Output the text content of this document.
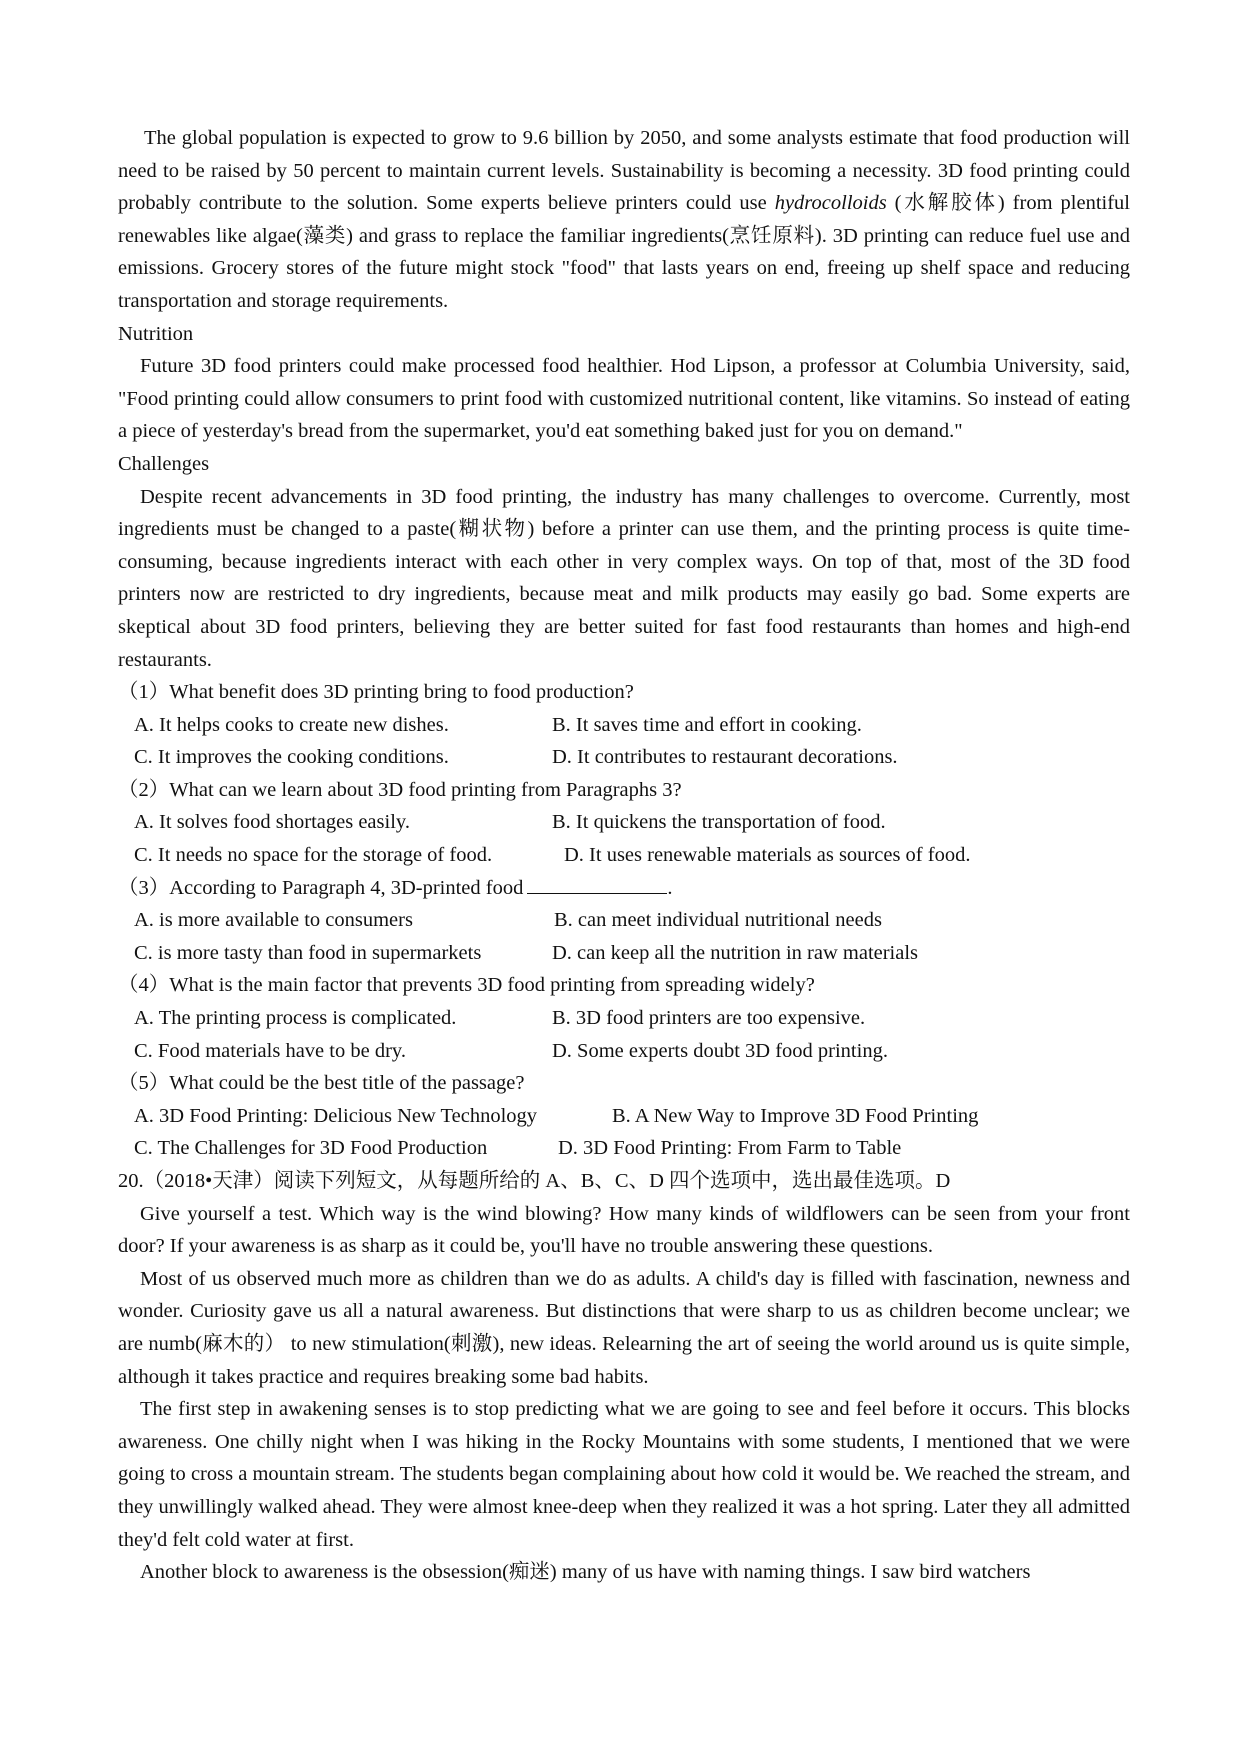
The global population is expected to grow to 9.6 billion by 2050, and some analysts estimate that food production will need to be raised by 50 percent to maintain current levels. Sustainability is becoming a necessity. 3D food printing could probably contribute to the solution. Some experts believe printers could use hydrocolloids (水解胶体) from plentiful renewables like algae(藻类) and grass to replace the familiar ingredients(烹饪原料). 3D printing can reduce fuel use and emissions. Grocery stores of the future might stock "food" that lasts years on end, freeing up shelf space and reducing transportation and storage requirements.

Nutrition

Future 3D food printers could make processed food healthier. Hod Lipson, a professor at Columbia University, said, "Food printing could allow consumers to print food with customized nutritional content, like vitamins. So instead of eating a piece of yesterday's bread from the supermarket, you'd eat something baked just for you on demand."

Challenges

Despite recent advancements in 3D food printing, the industry has many challenges to overcome. Currently, most ingredients must be changed to a paste(糊状物) before a printer can use them, and the printing process is quite time-consuming, because ingredients interact with each other in very complex ways. On top of that, most of the 3D food printers now are restricted to dry ingredients, because meat and milk products may easily go bad. Some experts are skeptical about 3D food printers, believing they are better suited for fast food restaurants than homes and high-end restaurants.

（1）What benefit does 3D printing bring to food production?

A. It helps cooks to create new dishes.	B. It saves time and effort in cooking.
C. It improves the cooking conditions.	D. It contributes to restaurant decorations.

（2）What can we learn about 3D food printing from Paragraphs 3?

A. It solves food shortages easily.	B. It quickens the transportation of food.
C. It needs no space for the storage of food.	D. It uses renewable materials as sources of food.

（3）According to Paragraph 4, 3D-printed food	.

A. is more available to consumers	B. can meet individual nutritional needs
C. is more tasty than food in supermarkets	D. can keep all the nutrition in raw materials

（4）What is the main factor that prevents 3D food printing from spreading widely?

A. The printing process is complicated.	B. 3D food printers are too expensive.
C. Food materials have to be dry.	D. Some experts doubt 3D food printing.

（5）What could be the best title of the passage?

A. 3D Food Printing: Delicious New Technology	B. A New Way to Improve 3D Food Printing
C. The Challenges for 3D Food Production	D. 3D Food Printing: From Farm to Table

20.（2018•天津）阅读下列短文，从每题所给的 A、B、C、D 四个选项中，选出最佳选项。D

Give yourself a test. Which way is the wind blowing? How many kinds of wildflowers can be seen from your front door? If your awareness is as sharp as it could be, you'll have no trouble answering these questions.

Most of us observed much more as children than we do as adults. A child's day is filled with fascination, newness and wonder. Curiosity gave us all a natural awareness. But distinctions that were sharp to us as children become unclear; we are numb(麻木的） to new stimulation(刺激), new ideas. Relearning the art of seeing the world around us is quite simple, although it takes practice and requires breaking some bad habits.

The first step in awakening senses is to stop predicting what we are going to see and feel before it occurs. This blocks awareness. One chilly night when I was hiking in the Rocky Mountains with some students, I mentioned that we were going to cross a mountain stream. The students began complaining about how cold it would be. We reached the stream, and they unwillingly walked ahead. They were almost knee-deep when they realized it was a hot spring. Later they all admitted they'd felt cold water at first.

Another block to awareness is the obsession(痴迷) many of us have with naming things. I saw bird watchers
